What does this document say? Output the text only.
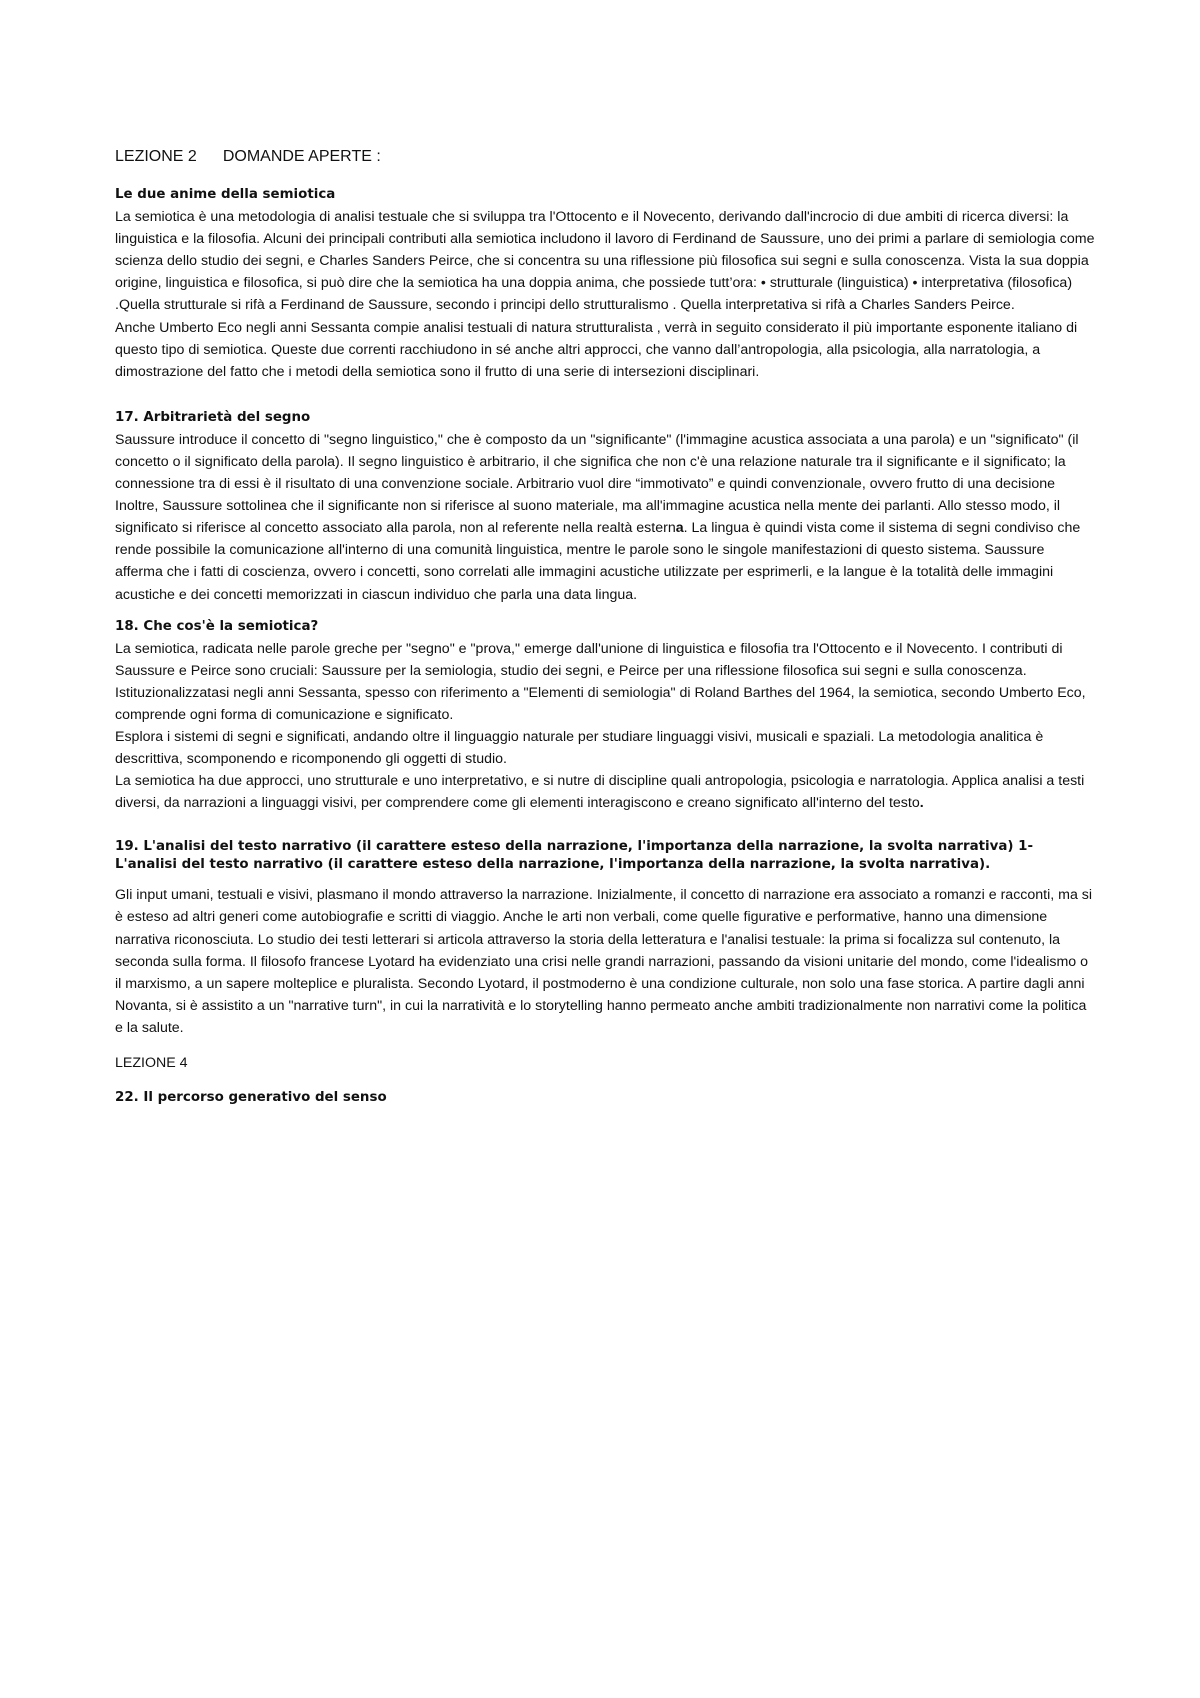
LEZIONE 2 DOMANDE APERTE :
Le due anime della semiotica

La semiotica è una metodologia di analisi testuale che si sviluppa tra l'Ottocento e il Novecento, derivando dall'incrocio di due ambiti di ricerca diversi: la linguistica e la filosofia. Alcuni dei principali contributi alla semiotica includono il lavoro di Ferdinand de Saussure, uno dei primi a parlare di semiologia come scienza dello studio dei segni, e Charles Sanders Peirce, che si concentra su una riflessione più filosofica sui segni e sulla conoscenza. Vista la sua doppia origine, linguistica e filosofica, si può dire che la semiotica ha una doppia anima, che possiede tutt’ora: • strutturale (linguistica) • interpretativa (filosofica) .Quella strutturale si rifà a Ferdinand de Saussure, secondo i principi dello strutturalismo . Quella interpretativa si rifà a Charles Sanders Peirce.

Anche Umberto Eco negli anni Sessanta compie analisi testuali di natura strutturalista , verrà in seguito considerato il più importante esponente italiano di questo tipo di semiotica. Queste due correnti racchiudono in sé anche altri approcci, che vanno dall’antropologia, alla psicologia, alla narratologia, a dimostrazione del fatto che i metodi della semiotica sono il frutto di una serie di intersezioni disciplinari.

17. Arbitrarietà del segno

Saussure introduce il concetto di "segno linguistico," che è composto da un "significante" (l'immagine acustica associata a una parola) e un "significato" (il concetto o il significato della parola). Il segno linguistico è arbitrario, il che significa che non c'è una relazione naturale tra il significante e il significato; la connessione tra di essi è il risultato di una convenzione sociale. Arbitrario vuol dire “immotivato” e quindi convenzionale, ovvero frutto di una decisione

Inoltre, Saussure sottolinea che il significante non si riferisce al suono materiale, ma all'immagine acustica nella mente dei parlanti. Allo stesso modo, il significato si riferisce al concetto associato alla parola, non al referente nella realtà esterna. La lingua è quindi vista come il sistema di segni condiviso che rende possibile la comunicazione all'interno di una comunità linguistica, mentre le parole sono le singole manifestazioni di questo sistema. Saussure afferma che i fatti di coscienza, ovvero i concetti, sono correlati alle immagini acustiche utilizzate per esprimerli, e la langue è la totalità delle immagini acustiche e dei concetti memorizzati in ciascun individuo che parla una data lingua.

18. Che cos'è la semiotica?

La semiotica, radicata nelle parole greche per "segno" e "prova," emerge dall'unione di linguistica e filosofia tra l'Ottocento e il Novecento. I contributi di Saussure e Peirce sono cruciali: Saussure per la semiologia, studio dei segni, e Peirce per una riflessione filosofica sui segni e sulla conoscenza.

Istituzionalizzatasi negli anni Sessanta, spesso con riferimento a "Elementi di semiologia" di Roland Barthes del 1964, la semiotica, secondo Umberto Eco, comprende ogni forma di comunicazione e significato.

Esplora i sistemi di segni e significati, andando oltre il linguaggio naturale per studiare linguaggi visivi, musicali e spaziali. La metodologia analitica è descrittiva, scomponendo e ricomponendo gli oggetti di studio.

La semiotica ha due approcci, uno strutturale e uno interpretativo, e si nutre di discipline quali antropologia, psicologia e narratologia. Applica analisi a testi diversi, da narrazioni a linguaggi visivi, per comprendere come gli elementi interagiscono e creano significato all'interno del testo.

19. L'analisi del testo narrativo (il carattere esteso della narrazione, l'importanza della narrazione, la svolta narrativa) 1- L'analisi del testo narrativo (il carattere esteso della narrazione, l'importanza della narrazione, la svolta narrativa).

Gli input umani, testuali e visivi, plasmano il mondo attraverso la narrazione. Inizialmente, il concetto di narrazione era associato a romanzi e racconti, ma si è esteso ad altri generi come autobiografie e scritti di viaggio. Anche le arti non verbali, come quelle figurative e performative, hanno una dimensione narrativa riconosciuta. Lo studio dei testi letterari si articola attraverso la storia della letteratura e l'analisi testuale: la prima si focalizza sul contenuto, la seconda sulla forma. Il filosofo francese Lyotard ha evidenziato una crisi nelle grandi narrazioni, passando da visioni unitarie del mondo, come l'idealismo o il marxismo, a un sapere molteplice e pluralista. Secondo Lyotard, il postmoderno è una condizione culturale, non solo una fase storica. A partire dagli anni Novanta, si è assistito a un "narrative turn", in cui la narratività e lo storytelling hanno permeato anche ambiti tradizionalmente non narrativi come la politica e la salute.

LEZIONE 4

22. Il percorso generativo del senso
